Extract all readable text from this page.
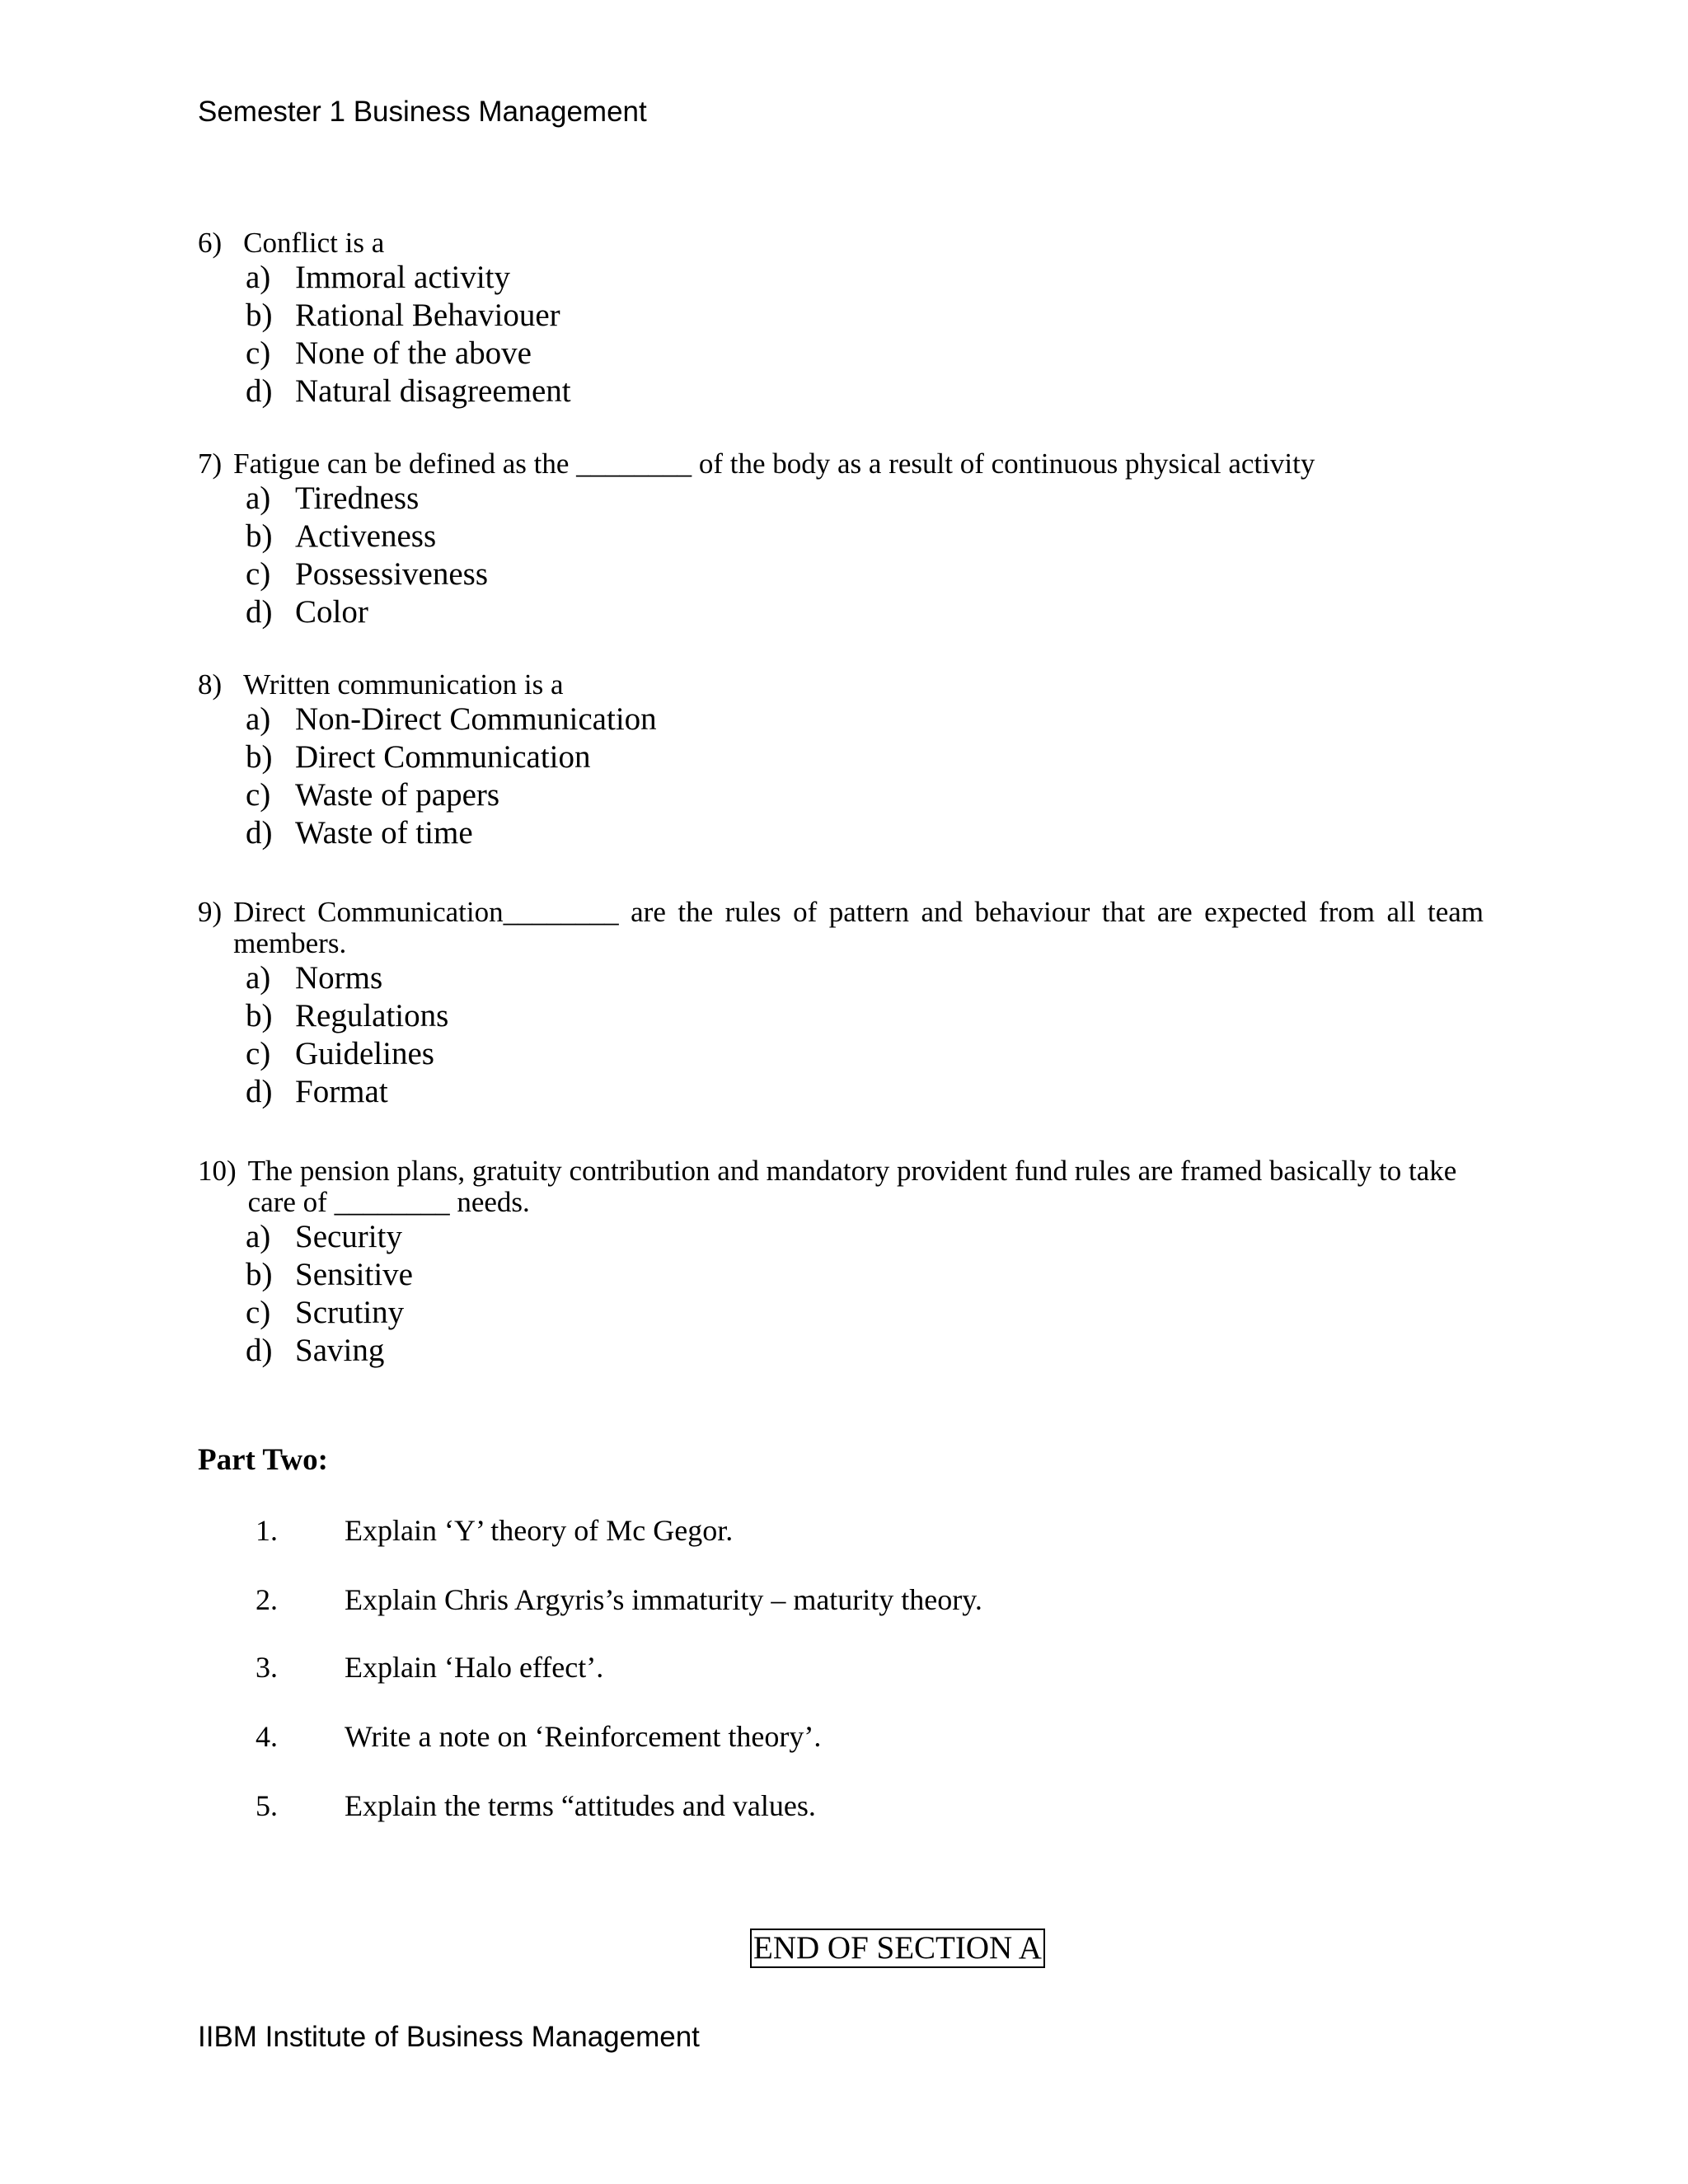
Semester 1 Business Management
6) Conflict is a
a) Immoral activity
b) Rational Behaviouer
c) None of the above
d) Natural disagreement
7) Fatigue can be defined as the ________ of the body as a result of continuous physical activity
a) Tiredness
b) Activeness
c) Possessiveness
d) Color
8) Written communication is a
a) Non-Direct Communication
b) Direct Communication
c) Waste of papers
d) Waste of time
9) Direct Communication________ are the rules of pattern and behaviour that are expected from all team members.
a) Norms
b) Regulations
c) Guidelines
d) Format
10) The pension plans, gratuity contribution and mandatory provident fund rules are framed basically to take care of ________ needs.
a) Security
b) Sensitive
c) Scrutiny
d) Saving
Part Two:
1. Explain ‘Y’ theory of Mc Gegor.
2. Explain Chris Argyris’s immaturity – maturity theory.
3. Explain ‘Halo effect’.
4. Write a note on ‘Reinforcement theory’.
5. Explain the terms “attitudes and values.
END OF SECTION A
IIBM Institute of Business Management
